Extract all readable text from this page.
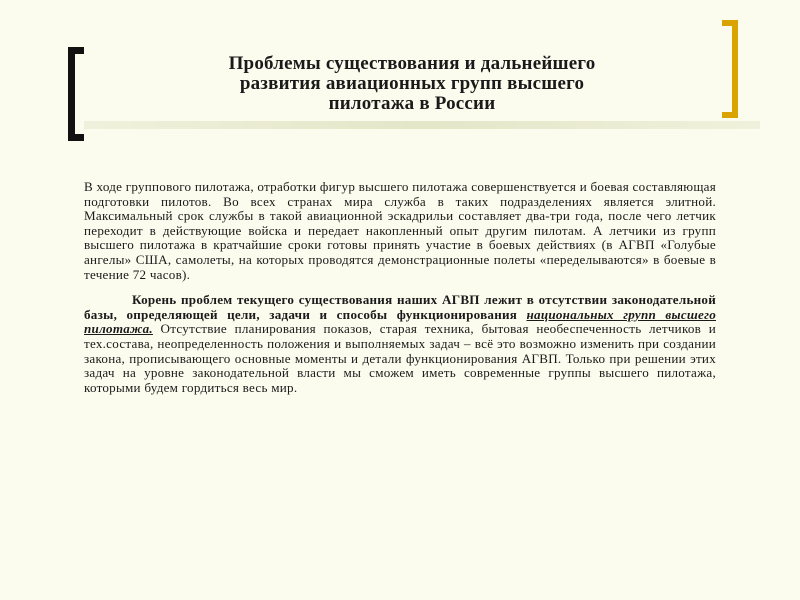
Проблемы существования и дальнейшего
развития авиационных групп высшего
пилотажа в России

В ходе группового пилотажа, отработки фигур высшего пилотажа совершенствуется и боевая составляющая подготовки пилотов. Во всех странах мира служба в таких подразделениях является элитной. Максимальный срок службы в такой авиационной эскадрильи составляет два-три года, после чего летчик переходит в действующие войска и передает накопленный опыт другим пилотам. А летчики из групп высшего пилотажа в кратчайшие сроки готовы принять участие в боевых действиях (в АГВП «Голубые ангелы» США, самолеты, на которых проводятся демонстрационные полеты «переделываются» в боевые в течение 72 часов).

Корень проблем текущего существования наших АГВП лежит в отсутствии законодательной базы, определяющей цели, задачи и способы функционирования национальных групп высшего пилотажа. Отсутствие планирования показов, старая техника, бытовая необеспеченность летчиков и тех.состава, неопределенность положения и выполняемых задач – всё это возможно изменить при создании закона, прописывающего основные моменты и детали функционирования АГВП. Только при решении этих задач на уровне законодательной власти мы сможем иметь современные группы высшего пилотажа, которыми будем гордиться весь мир.
